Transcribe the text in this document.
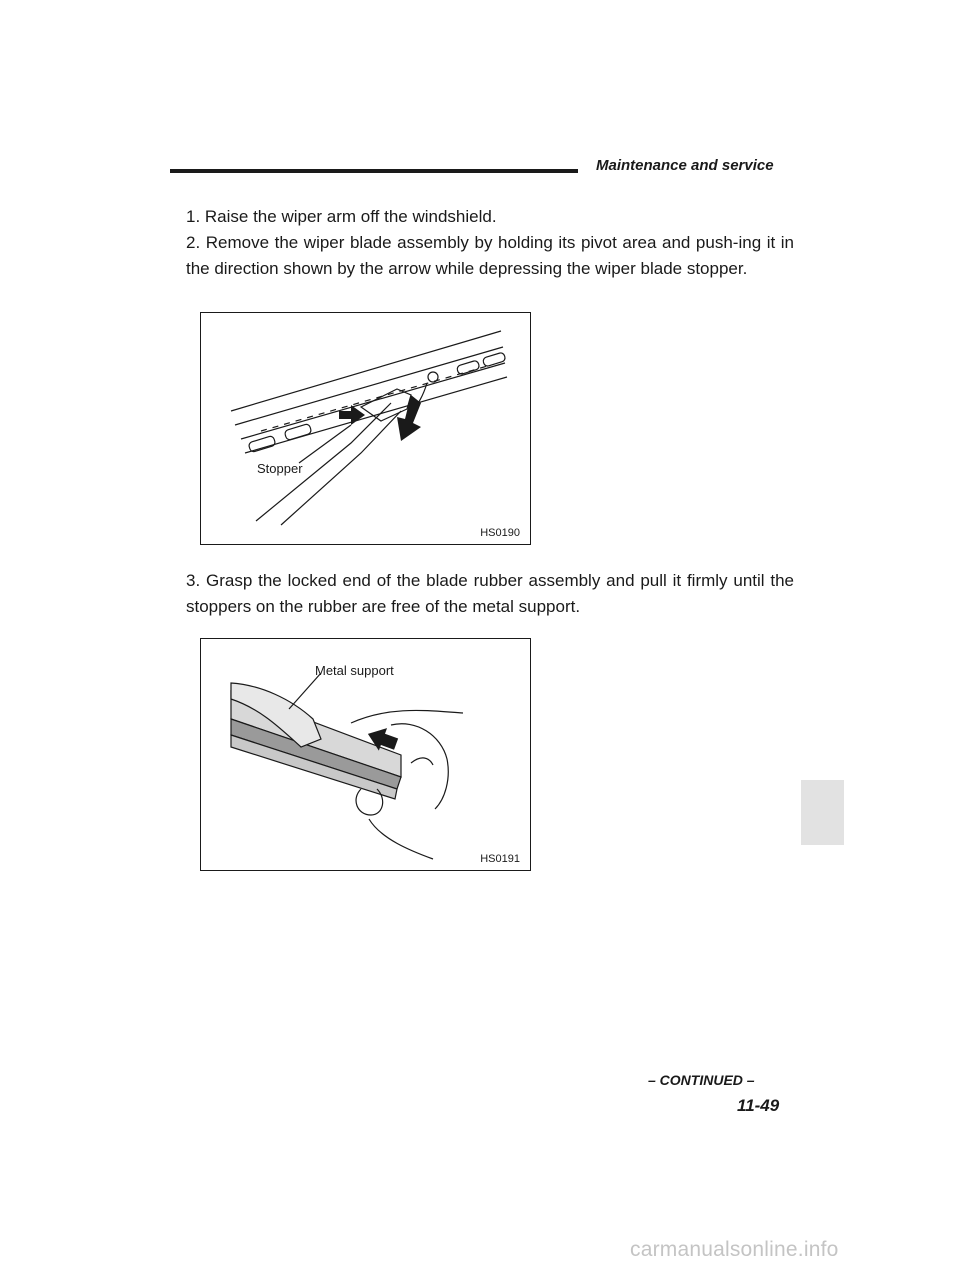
Maintenance and service

1. Raise the wiper arm off the windshield.

2. Remove the wiper blade assembly by holding its pivot area and push-ing it in the direction shown by the arrow while depressing the wiper blade stopper.

Stopper
HS0190

3. Grasp the locked end of the blade rubber assembly and pull it firmly until the stoppers on the rubber are free of the metal support.

Metal support
HS0191
– CONTINUED –
11-49
carmanualsonline.info
